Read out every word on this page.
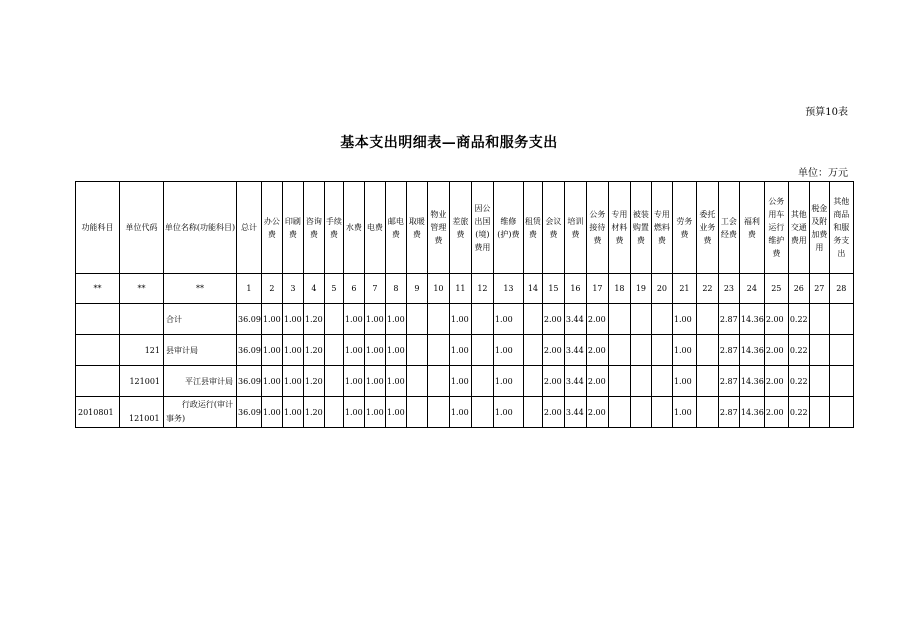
预算10表
基本支出明细表—商品和服务支出
单位：万元
功能科目	单位代码	单位名称(功能科目)	总计	办公费	印刷费	咨询费	手续费	水费	电费	邮电费	取暖费	物业管理费	差旅费	因公出国(境)费用	维修(护)费	租赁费	会议费	培训费	公务接待费	专用材料费	被装购置费	专用燃料费	劳务费	委托业务费	工会经费	福利费	公务用车运行维护费	其他交通费用	税金及附加费用	其他商品和服务支出
**	**	**	1	2	3	4	5	6	7	8	9	10	11	12	13	14	15	16	17	18	19	20	21	22	23	24	25	26	27	28
		合计	36.09	1.00	1.00	1.20		1.00	1.00	1.00			1.00		1.00		2.00	3.44	2.00				1.00		2.87	14.36	2.00	0.22		
	121	县审计局	36.09	1.00	1.00	1.20		1.00	1.00	1.00			1.00		1.00		2.00	3.44	2.00				1.00		2.87	14.36	2.00	0.22		
	121001	平江县审计局	36.09	1.00	1.00	1.20		1.00	1.00	1.00			1.00		1.00		2.00	3.44	2.00				1.00		2.87	14.36	2.00	0.22		
2010801	121001	行政运行(审计
事务)	36.09	1.00	1.00	1.20		1.00	1.00	1.00			1.00		1.00		2.00	3.44	2.00				1.00		2.87	14.36	2.00	0.22		
